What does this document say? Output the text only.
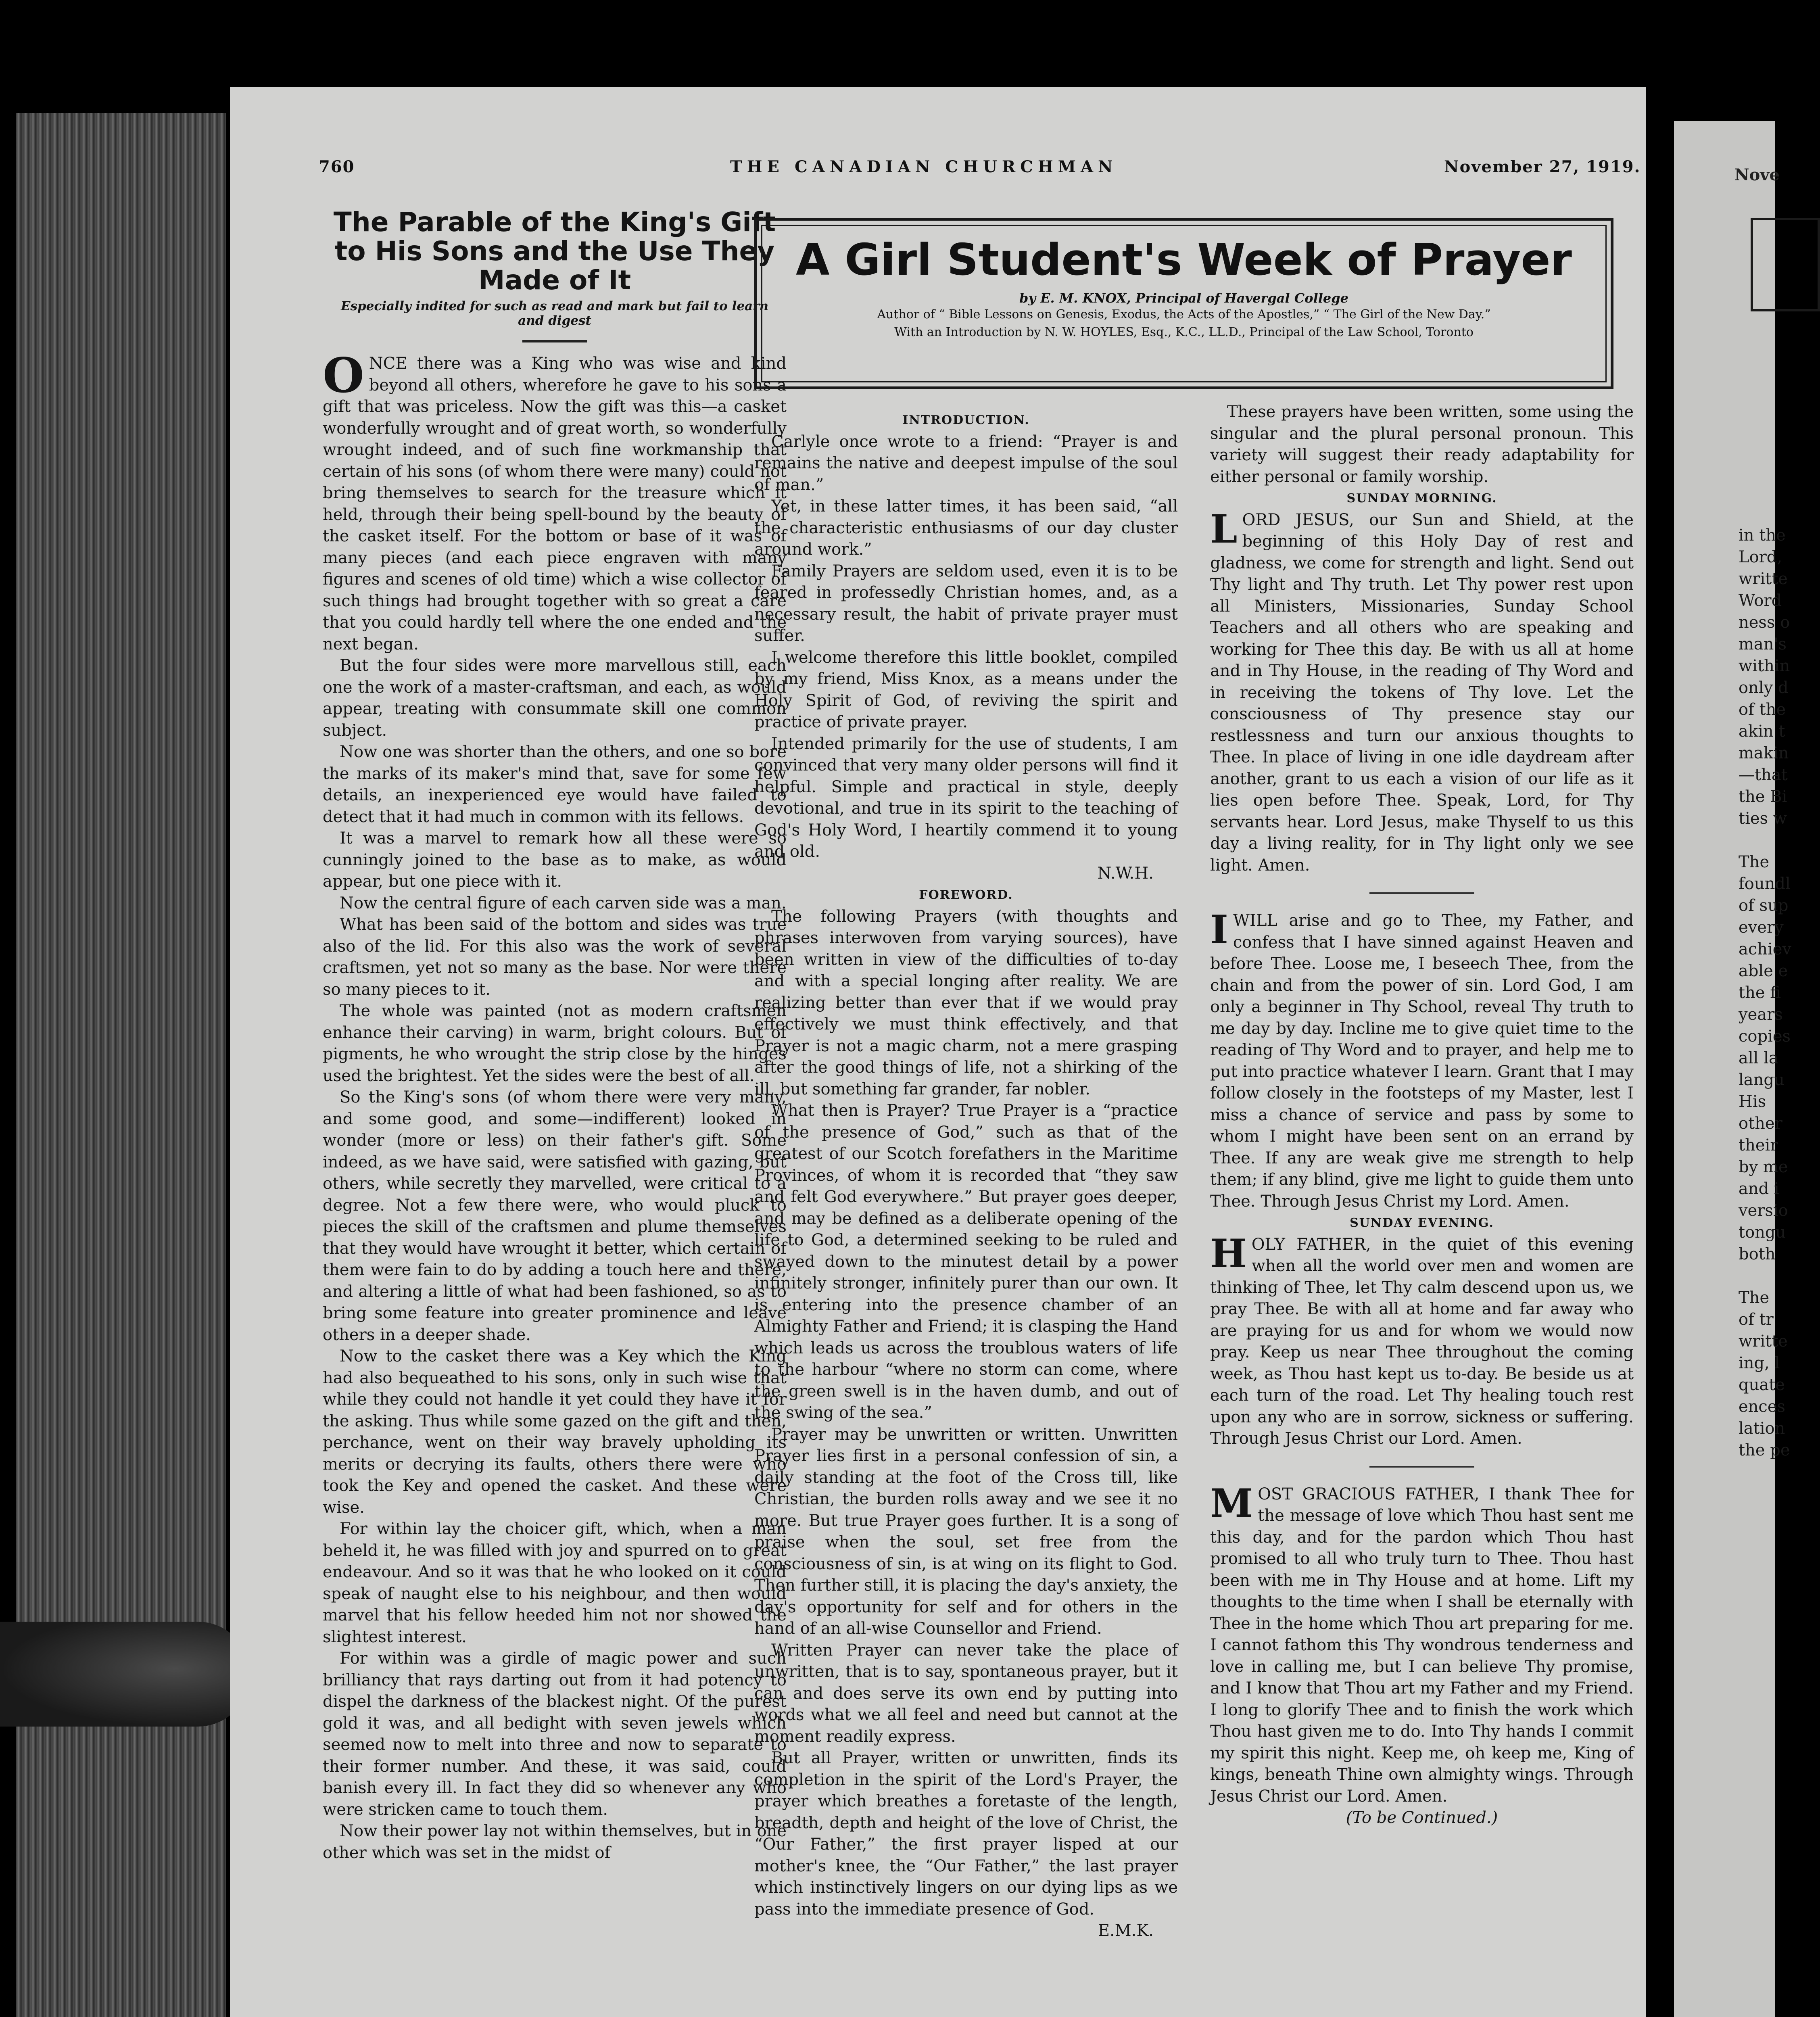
Nove
in the
Lord,
writte
Word
ness o
man's
within
only d
of the
akin t
makin
—that
the Bi
ties w

The
foundl
of sup
every
achiev
able e
the fi
years
copies
all la
langu
His
other
their
by me
and i
versio
tongu
both

The
of tr
writte
ing, l
quate
ences
lation
the pe
760	THE CANADIAN CHURCHMAN	November 27, 1919.
The Parable of the King's Gift to His Sons and the Use They Made of It
Especially indited for such as read and mark but fail to learn and digest

ONCE there was a King who was wise and kind beyond all others, wherefore he gave to his sons a gift that was priceless. Now the gift was this—a casket wonderfully wrought and of great worth, so wonderfully wrought indeed, and of such fine workmanship that certain of his sons (of whom there were many) could not bring themselves to search for the treasure which it held, through their being spell-bound by the beauty of the casket itself. For the bottom or base of it was of many pieces (and each piece engraven with many figures and scenes of old time) which a wise collector of such things had brought together with so great a care that you could hardly tell where the one ended and the next began.

But the four sides were more marvellous still, each one the work of a master-craftsman, and each, as would appear, treating with consummate skill one common subject.

Now one was shorter than the others, and one so bore the marks of its maker's mind that, save for some few details, an inexperienced eye would have failed to detect that it had much in common with its fellows.

It was a marvel to remark how all these were so cunningly joined to the base as to make, as would appear, but one piece with it.

Now the central figure of each carven side was a man.

What has been said of the bottom and sides was true also of the lid. For this also was the work of several craftsmen, yet not so many as the base. Nor were there so many pieces to it.

The whole was painted (not as modern craftsmen enhance their carving) in warm, bright colours. But of pigments, he who wrought the strip close by the hinges used the brightest. Yet the sides were the best of all.

So the King's sons (of whom there were very many, and some good, and some—indifferent) looked in wonder (more or less) on their father's gift. Some indeed, as we have said, were satisfied with gazing, but others, while secretly they marvelled, were critical to a degree. Not a few there were, who would pluck to pieces the skill of the craftsmen and plume themselves that they would have wrought it better, which certain of them were fain to do by adding a touch here and there, and altering a little of what had been fashioned, so as to bring some feature into greater prominence and leave others in a deeper shade.

Now to the casket there was a Key which the King had also bequeathed to his sons, only in such wise that while they could not handle it yet could they have it for the asking. Thus while some gazed on the gift and then, perchance, went on their way bravely upholding its merits or decrying its faults, others there were who took the Key and opened the casket. And these were wise.

For within lay the choicer gift, which, when a man beheld it, he was filled with joy and spurred on to great endeavour. And so it was that he who looked on it could speak of naught else to his neighbour, and then would marvel that his fellow heeded him not nor showed the slightest interest.

For within was a girdle of magic power and such brilliancy that rays darting out from it had potency to dispel the darkness of the blackest night. Of the purest gold it was, and all bedight with seven jewels which seemed now to melt into three and now to separate to their former number. And these, it was said, could banish every ill. In fact they did so whenever any who were stricken came to touch them.

Now their power lay not within themselves, but in one other which was set in the midst of

A Girl Student's Week of Prayer
by E. M. KNOX, Principal of Havergal College
Author of “ Bible Lessons on Genesis, Exodus, the Acts of the Apostles,” “ The Girl of the New Day.”
With an Introduction by N. W. HOYLES, Esq., K.C., LL.D., Principal of the Law School, Toronto

INTRODUCTION.

Carlyle once wrote to a friend: “Prayer is and remains the native and deepest impulse of the soul of man.”

Yet, in these latter times, it has been said, “all the characteristic enthusiasms of our day cluster around work.”

Family Prayers are seldom used, even it is to be feared in professedly Christian homes, and, as a necessary result, the habit of private prayer must suffer.

I welcome therefore this little booklet, compiled by my friend, Miss Knox, as a means under the Holy Spirit of God, of reviving the spirit and practice of private prayer.

Intended primarily for the use of students, I am convinced that very many older persons will find it helpful. Simple and practical in style, deeply devotional, and true in its spirit to the teaching of God's Holy Word, I heartily commend it to young and old.

N.W.H.

FOREWORD.

The following Prayers (with thoughts and phrases interwoven from varying sources), have been written in view of the difficulties of to-day and with a special longing after reality. We are realizing better than ever that if we would pray effectively we must think effectively, and that Prayer is not a magic charm, not a mere grasping after the good things of life, not a shirking of the ill, but something far grander, far nobler.

What then is Prayer? True Prayer is a “practice of the presence of God,” such as that of the greatest of our Scotch forefathers in the Maritime Provinces, of whom it is recorded that “they saw and felt God everywhere.” But prayer goes deeper, and may be defined as a deliberate opening of the life to God, a determined seeking to be ruled and swayed down to the minutest detail by a power infinitely stronger, infinitely purer than our own. It is entering into the presence chamber of an Almighty Father and Friend; it is clasping the Hand which leads us across the troublous waters of life to the harbour “where no storm can come, where the green swell is in the haven dumb, and out of the swing of the sea.”

Prayer may be unwritten or written. Unwritten Prayer lies first in a personal confession of sin, a daily standing at the foot of the Cross till, like Christian, the burden rolls away and we see it no more. But true Prayer goes further. It is a song of praise when the soul, set free from the consciousness of sin, is at wing on its flight to God. Then further still, it is placing the day's anxiety, the day's opportunity for self and for others in the hand of an all-wise Counsellor and Friend.

Written Prayer can never take the place of unwritten, that is to say, spontaneous prayer, but it can and does serve its own end by putting into words what we all feel and need but cannot at the moment readily express.

But all Prayer, written or unwritten, finds its completion in the spirit of the Lord's Prayer, the prayer which breathes a foretaste of the length, breadth, depth and height of the love of Christ, the “Our Father,” the first prayer lisped at our mother's knee, the “Our Father,” the last prayer which instinctively lingers on our dying lips as we pass into the immediate presence of God.

E.M.K.

These prayers have been written, some using the singular and the plural personal pronoun. This variety will suggest their ready adaptability for either personal or family worship.

SUNDAY MORNING.

LORD JESUS, our Sun and Shield, at the beginning of this Holy Day of rest and gladness, we come for strength and light. Send out Thy light and Thy truth. Let Thy power rest upon all Ministers, Missionaries, Sunday School Teachers and all others who are speaking and working for Thee this day. Be with us all at home and in Thy House, in the reading of Thy Word and in receiving the tokens of Thy love. Let the consciousness of Thy presence stay our restlessness and turn our anxious thoughts to Thee. In place of living in one idle daydream after another, grant to us each a vision of our life as it lies open before Thee. Speak, Lord, for Thy servants hear. Lord Jesus, make Thyself to us this day a living reality, for in Thy light only we see light. Amen.

IWILL arise and go to Thee, my Father, and confess that I have sinned against Heaven and before Thee. Loose me, I beseech Thee, from the chain and from the power of sin. Lord God, I am only a beginner in Thy School, reveal Thy truth to me day by day. Incline me to give quiet time to the reading of Thy Word and to prayer, and help me to put into practice whatever I learn. Grant that I may follow closely in the footsteps of my Master, lest I miss a chance of service and pass by some to whom I might have been sent on an errand by Thee. If any are weak give me strength to help them; if any blind, give me light to guide them unto Thee. Through Jesus Christ my Lord. Amen.

SUNDAY EVENING.

HOLY FATHER, in the quiet of this evening when all the world over men and women are thinking of Thee, let Thy calm descend upon us, we pray Thee. Be with all at home and far away who are praying for us and for whom we would now pray. Keep us near Thee throughout the coming week, as Thou hast kept us to-day. Be beside us at each turn of the road. Let Thy healing touch rest upon any who are in sorrow, sickness or suffering. Through Jesus Christ our Lord. Amen.

MOST GRACIOUS FATHER, I thank Thee for the message of love which Thou hast sent me this day, and for the pardon which Thou hast promised to all who truly turn to Thee. Thou hast been with me in Thy House and at home. Lift my thoughts to the time when I shall be eternally with Thee in the home which Thou art preparing for me. I cannot fathom this Thy wondrous tenderness and love in calling me, but I can believe Thy promise, and I know that Thou art my Father and my Friend. I long to glorify Thee and to finish the work which Thou hast given me to do. Into Thy hands I commit my spirit this night. Keep me, oh keep me, King of kings, beneath Thine own almighty wings. Through Jesus Christ our Lord. Amen.

(To be Continued.)
